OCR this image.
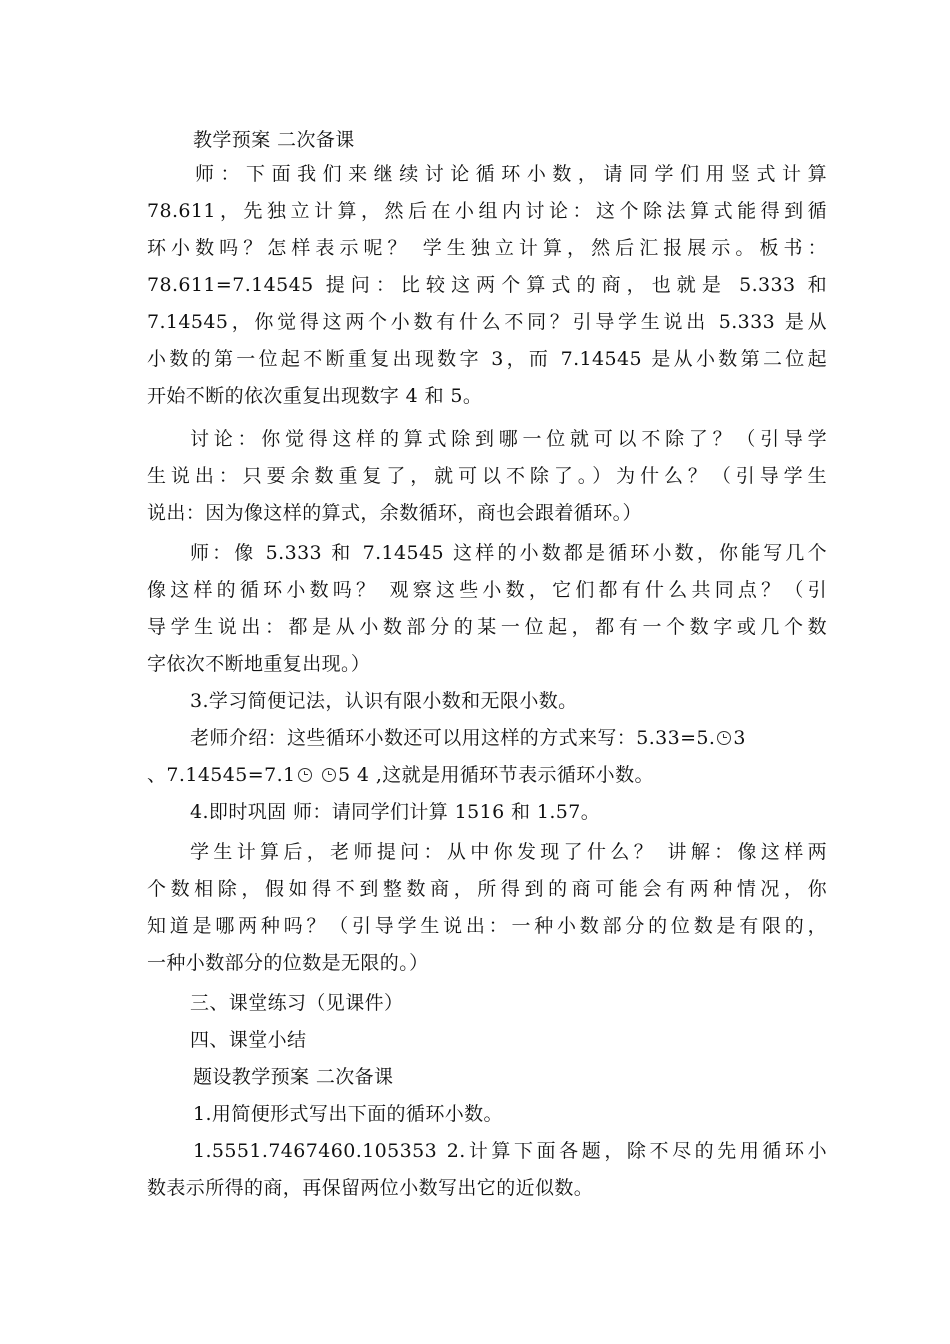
教学预案 二次备课
师：下面我们来继续讨论循环小数，请同学们用竖式计算
78.611，先独立计算，然后在小组内讨论：这个除法算式能得到循
环小数吗？怎样表示呢？ 学生独立计算，然后汇报展示。板书：
78.611=7.14545 提问：比较这两个算式的商，也就是 5.333 和
7.14545，你觉得这两个小数有什么不同？引导学生说出 5.333 是从
小数的第一位起不断重复出现数字 3，而 7.14545 是从小数第二位起
开始不断的依次重复出现数字 4 和 5。
讨论：你觉得这样的算式除到哪一位就可以不除了？（引导学
生说出：只要余数重复了，就可以不除了。）为什么？（引导学生
说出：因为像这样的算式，余数循环，商也会跟着循环。）
师：像 5.333 和 7.14545 这样的小数都是循环小数，你能写几个
像这样的循环小数吗？ 观察这些小数，它们都有什么共同点？（引
导学生说出：都是从小数部分的某一位起，都有一个数字或几个数
字依次不断地重复出现。）
3.学习简便记法，认识有限小数和无限小数。
老师介绍：这些循环小数还可以用这样的方式来写：5.33=5. 3
、7.14545=7.1 5 4 ,这就是用循环节表示循环小数。
4.即时巩固 师：请同学们计算 1516 和 1.57。
学生计算后，老师提问：从中你发现了什么？ 讲解：像这样两
个数相除，假如得不到整数商，所得到的商可能会有两种情况，你
知道是哪两种吗？（引导学生说出：一种小数部分的位数是有限的，
一种小数部分的位数是无限的。）
三、课堂练习（见课件）
四、课堂小结
题设教学预案 二次备课
1.用简便形式写出下面的循环小数。
1.5551.7467460.105353 2.计算下面各题，除不尽的先用循环小
数表示所得的商，再保留两位小数写出它的近似数。
